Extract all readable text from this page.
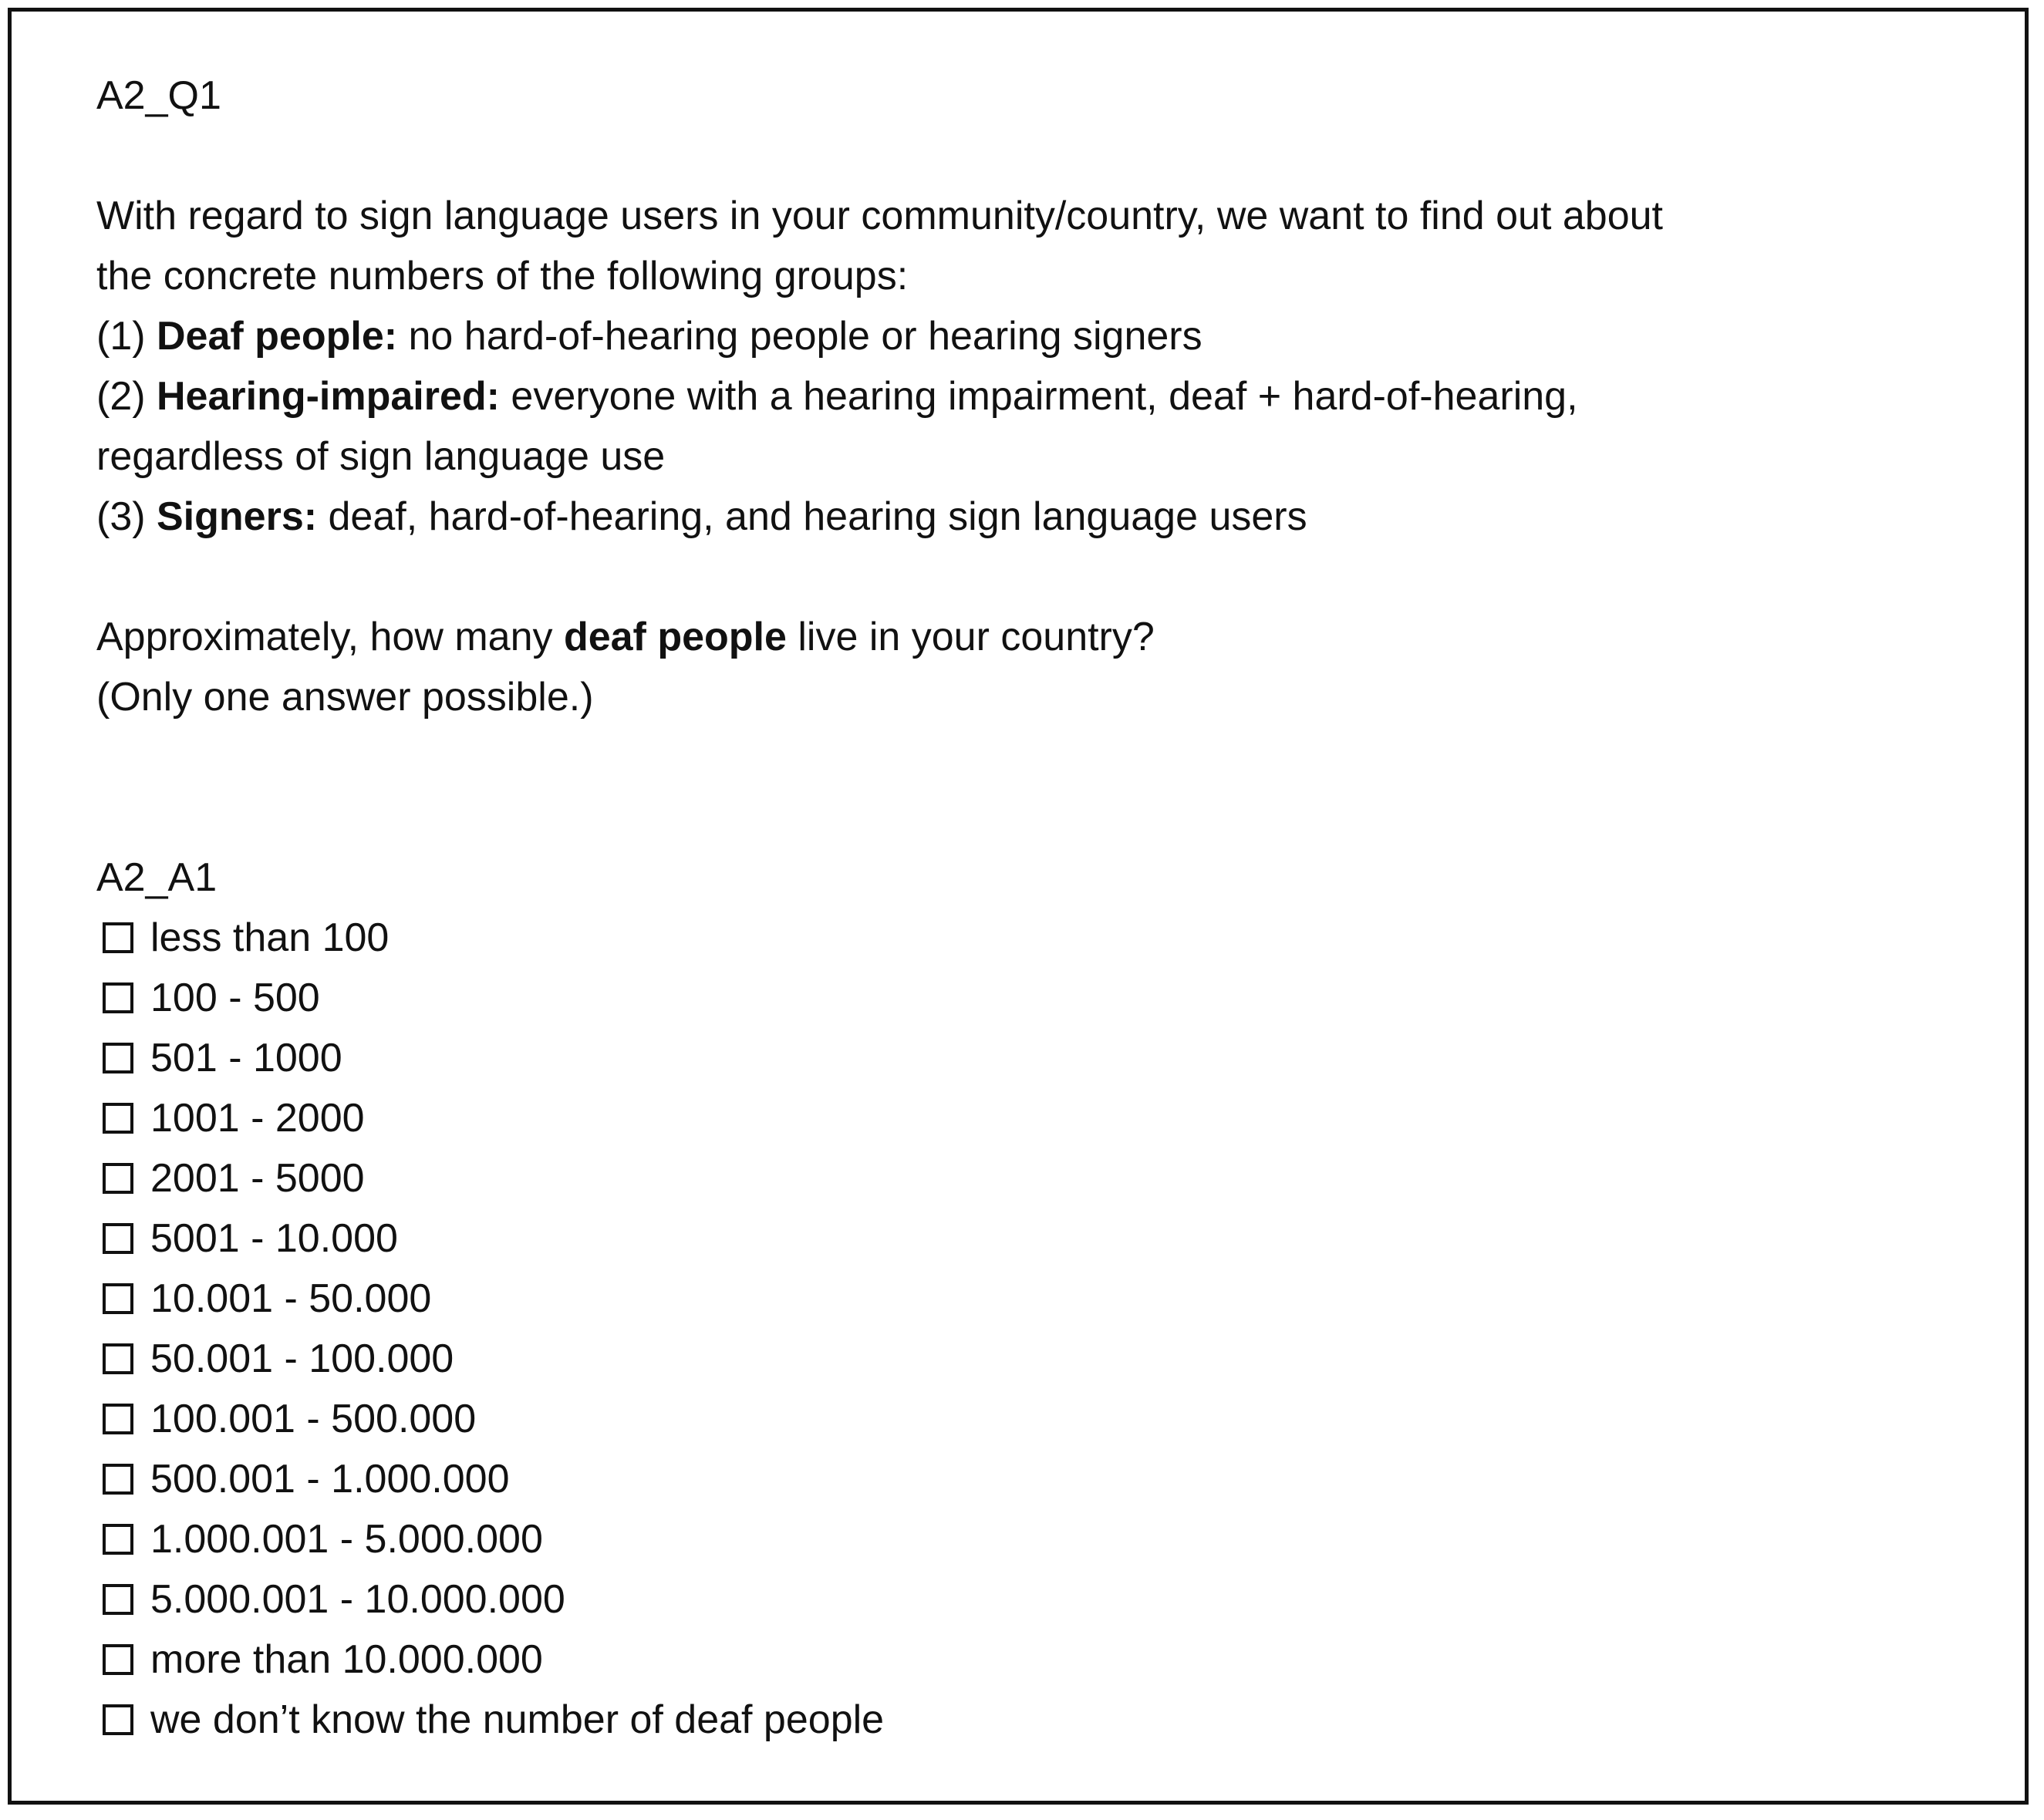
A2_Q1
With regard to sign language users in your community/country, we want to find out about
the concrete numbers of the following groups:
(1) Deaf people: no hard-of-hearing people or hearing signers
(2) Hearing-impaired: everyone with a hearing impairment, deaf + hard-of-hearing,
regardless of sign language use
(3) Signers: deaf, hard-of-hearing, and hearing sign language users
Approximately, how many deaf people live in your country?
(Only one answer possible.)
A2_A1
less than 100
100 - 500
501 - 1000
1001 - 2000
2001 - 5000
5001 - 10.000
10.001 - 50.000
50.001 - 100.000
100.001 - 500.000
500.001 - 1.000.000
1.000.001 - 5.000.000
5.000.001 - 10.000.000
more than 10.000.000
we don’t know the number of deaf people
